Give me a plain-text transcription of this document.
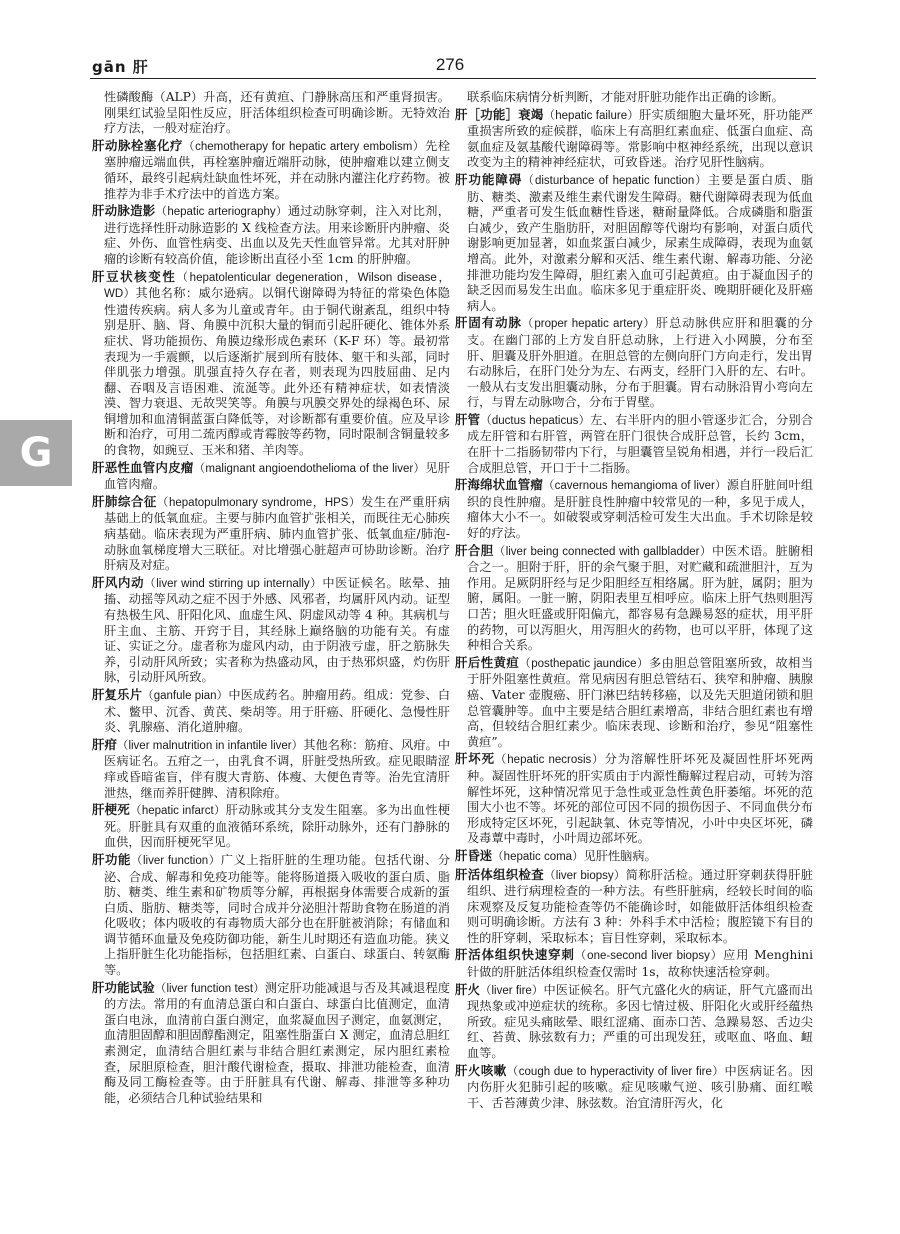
gān 肝	276
G

性磷酸酶（ALP）升高，还有黄疸、门静脉高压和严重肾损害。刚果红试验呈阳性反应，肝活体组织检查可明确诊断。无特效治疗方法，一般对症治疗。

肝动脉栓塞化疗（chemotherapy for hepatic artery embolism）先栓塞肿瘤远端血供，再栓塞肿瘤近端肝动脉，使肿瘤难以建立侧支循环，最终引起病灶缺血性坏死，并在动脉内灌注化疗药物。被推荐为非手术疗法中的首选方案。

肝动脉造影（hepatic arteriography）通过动脉穿刺，注入对比剂，进行选择性肝动脉造影的 X 线检查方法。用来诊断肝内肿瘤、炎症、外伤、血管性病变、出血以及先天性血管异常。尤其对肝肿瘤的诊断有较高价值，能诊断出直径小至 1cm 的肝肿瘤。

肝豆状核变性（hepatolenticular degeneration，Wilson disease，WD）其他名称：威尔逊病。以铜代谢障碍为特征的常染色体隐性遗传疾病。病人多为儿童或青年。由于铜代谢紊乱，组织中特别是肝、脑、肾、角膜中沉积大量的铜而引起肝硬化、锥体外系症状、肾功能损伤、角膜边缘形成色素环（K-F 环）等。最初常表现为一手震颤，以后逐渐扩展到所有肢体、躯干和头部，同时伴肌张力增强。肌强直持久存在者，则表现为四肢屈曲、足内翻、吞咽及言语困难、流涎等。此外还有精神症状，如表情淡漠、智力衰退、无故哭笑等。角膜与巩膜交界处的绿褐色环、尿铜增加和血清铜蓝蛋白降低等，对诊断都有重要价值。应及早诊断和治疗，可用二巯丙醇或青霉胺等药物，同时限制含铜量较多的食物，如豌豆、玉米和猪、羊肉等。

肝恶性血管内皮瘤（malignant angioendothelioma of the liver）见肝血管肉瘤。

肝肺综合征（hepatopulmonary syndrome，HPS）发生在严重肝病基础上的低氧血症。主要与肺内血管扩张相关，而既往无心肺疾病基础。临床表现为严重肝病、肺内血管扩张、低氧血症/肺泡-动脉血氧梯度增大三联征。对比增强心脏超声可协助诊断。治疗肝病及对症。

肝风内动（liver wind stirring up internally）中医证候名。眩晕、抽搐、动摇等风动之症不因于外感、风邪者，均属肝风内动。证型有热极生风、肝阳化风、血虚生风、阴虚风动等 4 种。其病机与肝主血、主筋、开窍于目，其经脉上巅络脑的功能有关。有虚证、实证之分。虚者称为虚风内动，由于阴液亏虚，肝之筋脉失养，引动肝风所致；实者称为热盛动风，由于热邪炽盛，灼伤肝脉，引动肝风所致。

肝复乐片（ganfule pian）中医成药名。肿瘤用药。组成：党参、白术、鳖甲、沉香、黄芪、柴胡等。用于肝癌、肝硬化、急慢性肝炎、乳腺癌、消化道肿瘤。

肝疳（liver malnutrition in infantile liver）其他名称：筋疳、风疳。中医病证名。五疳之一，由乳食不调，肝脏受热所致。症见眼睛涩痒或昏暗雀盲，伴有腹大青筋、体瘦、大便色青等。治先宜清肝泄热，继而养肝健脾、清积除疳。

肝梗死（hepatic infarct）肝动脉或其分支发生阻塞。多为出血性梗死。肝脏具有双重的血液循环系统，除肝动脉外，还有门静脉的血供，因而肝梗死罕见。

肝功能（liver function）广义上指肝脏的生理功能。包括代谢、分泌、合成、解毒和免疫功能等。能将肠道摄入吸收的蛋白质、脂肪、糖类、维生素和矿物质等分解，再根据身体需要合成新的蛋白质、脂肪、糖类等，同时合成并分泌胆汁帮助食物在肠道的消化吸收；体内吸收的有毒物质大部分也在肝脏被消除；有储血和调节循环血量及免疫防御功能，新生儿时期还有造血功能。狭义上指肝脏生化功能指标，包括胆红素、白蛋白、球蛋白、转氨酶等。

肝功能试验（liver function test）测定肝功能减退与否及其减退程度的方法。常用的有血清总蛋白和白蛋白、球蛋白比值测定，血清蛋白电泳，血清前白蛋白测定，血浆凝血因子测定，血氨测定，血清胆固醇和胆固醇酯测定，阻塞性脂蛋白 X 测定，血清总胆红素测定，血清结合胆红素与非结合胆红素测定，尿内胆红素检查，尿胆原检查，胆汁酸代谢检查，摄取、排泄功能检查，血清酶及同工酶检查等。由于肝脏具有代谢、解毒、排泄等多种功能，必须结合几种试验结果和

联系临床病情分析判断，才能对肝脏功能作出正确的诊断。

肝［功能］衰竭（hepatic failure）肝实质细胞大量坏死，肝功能严重损害所致的症候群，临床上有高胆红素血症、低蛋白血症、高氨血症及氨基酸代谢障碍等。常影响中枢神经系统，出现以意识改变为主的精神神经症状，可致昏迷。治疗见肝性脑病。

肝功能障碍（disturbance of hepatic function）主要是蛋白质、脂肪、糖类、激素及维生素代谢发生障碍。糖代谢障碍表现为低血糖，严重者可发生低血糖性昏迷，糖耐量降低。合成磷脂和脂蛋白减少，致产生脂肪肝，对胆固醇等代谢均有影响，对蛋白质代谢影响更加显著，如血浆蛋白减少，尿素生成障碍，表现为血氨增高。此外，对激素分解和灭活、维生素代谢、解毒功能、分泌排泄功能均发生障碍，胆红素入血可引起黄疸。由于凝血因子的缺乏因而易发生出血。临床多见于重症肝炎、晚期肝硬化及肝癌病人。

肝固有动脉（proper hepatic artery）肝总动脉供应肝和胆囊的分支。在幽门部的上方发自肝总动脉，上行进入小网膜，分布至肝、胆囊及肝外胆道。在胆总管的左侧向肝门方向走行，发出胃右动脉后，在肝门处分为左、右两支，经肝门入肝的左、右叶。一般从右支发出胆囊动脉，分布于胆囊。胃右动脉沿胃小弯向左行，与胃左动脉吻合，分布于胃壁。

肝管（ductus hepaticus）左、右半肝内的胆小管逐步汇合，分别合成左肝管和右肝管，两管在肝门很快合成肝总管，长约 3cm，在肝十二指肠韧带内下行，与胆囊管呈锐角相遇，并行一段后汇合成胆总管，开口于十二指肠。

肝海绵状血管瘤（cavernous hemangioma of liver）源自肝脏间叶组织的良性肿瘤。是肝脏良性肿瘤中较常见的一种，多见于成人，瘤体大小不一。如破裂或穿刺活检可发生大出血。手术切除是较好的疗法。

肝合胆（liver being connected with gallbladder）中医术语。脏腑相合之一。胆附于肝，肝的余气聚于胆，对贮藏和疏泄胆汁，互为作用。足厥阴肝经与足少阳胆经互相络属。肝为脏，属阴；胆为腑，属阳。一脏一腑，阴阳表里互相呼应。临床上肝气热则胆泻口苦；胆火旺盛或肝阳偏亢，都容易有急躁易怒的症状，用平肝的药物，可以泻胆火，用泻胆火的药物，也可以平肝，体现了这种相合关系。

肝后性黄疸（posthepatic jaundice）多由胆总管阻塞所致，故相当于肝外阻塞性黄疸。常见病因有胆总管结石、狭窄和肿瘤、胰腺癌、Vater 壶腹癌、肝门淋巴结转移癌，以及先天胆道闭锁和胆总管囊肿等。血中主要是结合胆红素增高，非结合胆红素也有增高，但较结合胆红素少。临床表现、诊断和治疗，参见“阻塞性黄疸”。

肝坏死（hepatic necrosis）分为溶解性肝坏死及凝固性肝坏死两种。凝固性肝坏死的肝实质由于内源性酶解过程启动，可转为溶解性坏死，这种情况常见于急性或亚急性黄色肝萎缩。坏死的范围大小也不等。坏死的部位可因不同的损伤因子、不同血供分布形成特定区坏死，引起缺氧、休克等情况，小叶中央区坏死，磷及毒蕈中毒时，小叶周边部坏死。

肝昏迷（hepatic coma）见肝性脑病。

肝活体组织检查（liver biopsy）简称肝活检。通过肝穿刺获得肝脏组织、进行病理检查的一种方法。有些肝脏病，经较长时间的临床观察及反复功能检查等仍不能确诊时，如能做肝活体组织检查则可明确诊断。方法有 3 种：外科手术中活检；腹腔镜下有目的性的肝穿刺，采取标本；盲目性穿刺，采取标本。

肝活体组织快速穿刺（one-second liver biopsy）应用 Menghini 针做的肝脏活体组织检查仅需时 1s，故称快速活检穿刺。

肝火（liver fire）中医证候名。肝气亢盛化火的病证，肝气亢盛而出现热象或冲逆症状的统称。多因七情过极、肝阳化火或肝经蕴热所致。症见头痛眩晕、眼红涩痛、面赤口苦、急躁易怒、舌边尖红、苔黄、脉弦数有力；严重的可出现发狂，或呕血、咯血、衄血等。

肝火咳嗽（cough due to hyperactivity of liver fire）中医病证名。因内伤肝火犯肺引起的咳嗽。症见咳嗽气逆、咳引胁痛、面红喉干、舌苔薄黄少津、脉弦数。治宜清肝泻火，化
